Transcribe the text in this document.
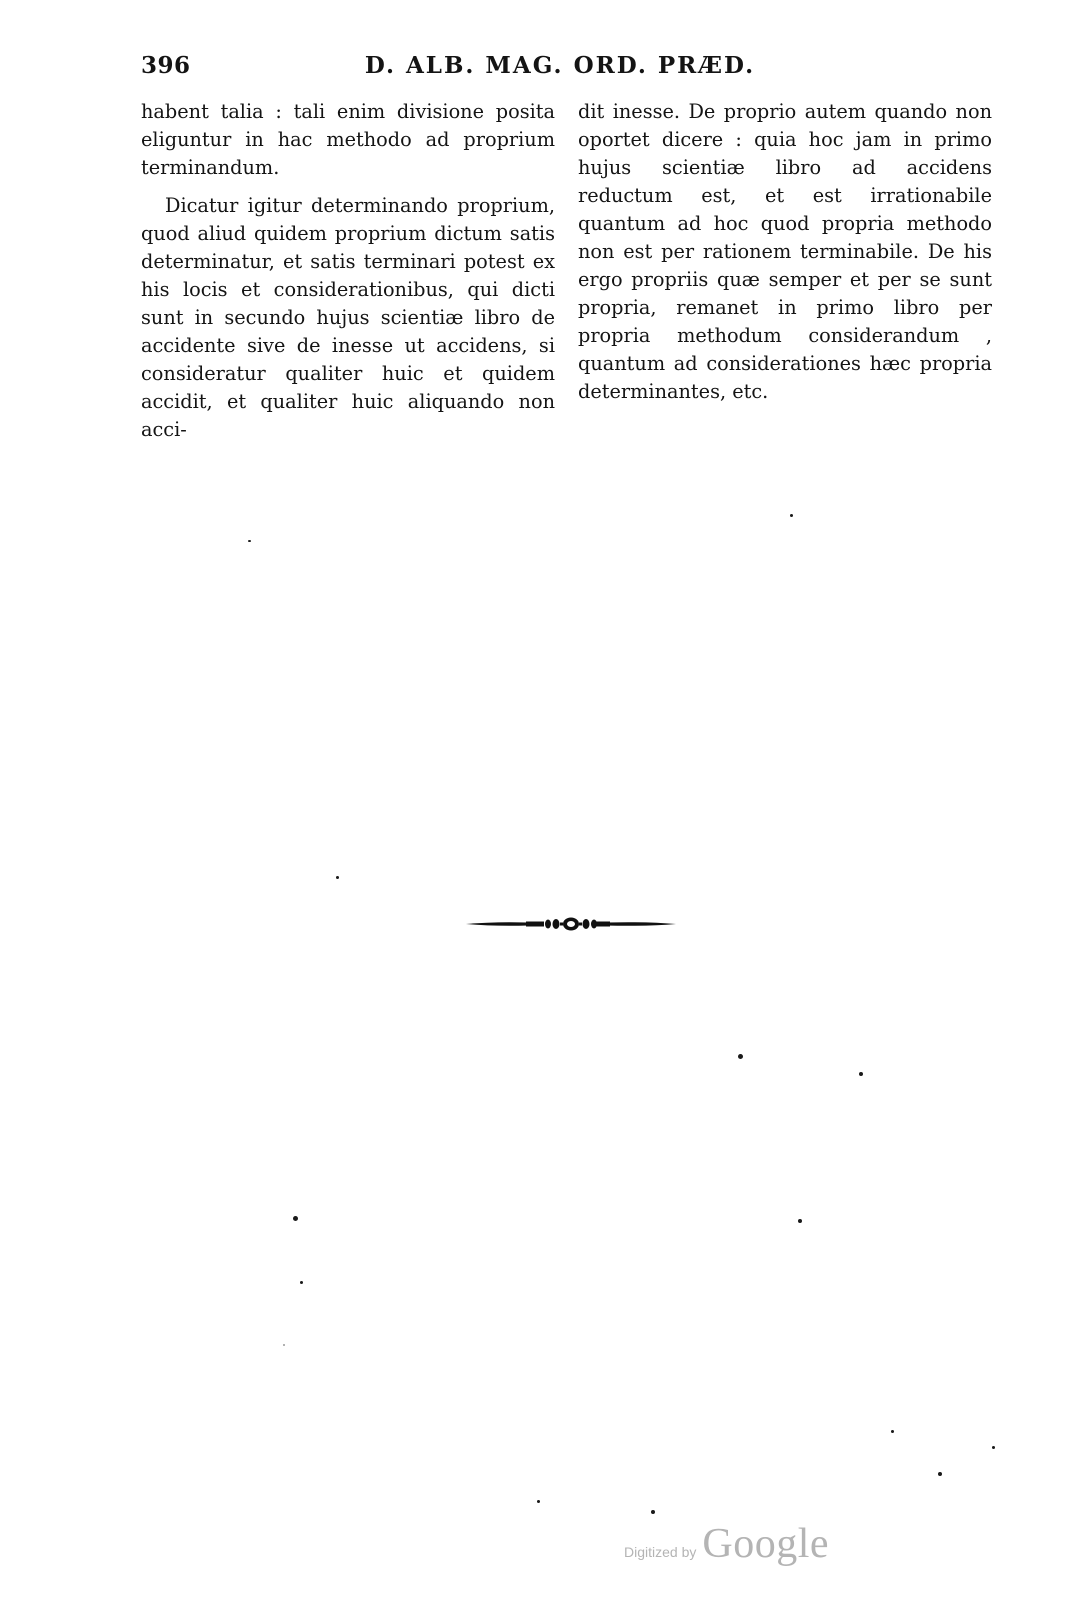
396	D. ALB. MAG. ORD. PRÆD.

habent talia : tali enim divisione posita eliguntur in hac methodo ad proprium terminandum.

Dicatur igitur determinando proprium, quod aliud quidem proprium dictum satis determinatur, et satis terminari potest ex his locis et considerationibus, qui dicti sunt in secundo hujus scientiæ libro de accidente sive de inesse ut accidens, si consideratur qualiter huic et quidem accidit, et qualiter huic aliquando non acci-

dit inesse. De proprio autem quando non oportet dicere : quia hoc jam in primo hujus scientiæ libro ad accidens reductum est, et est irrationabile quantum ad hoc quod propria methodo non est per rationem terminabile. De his ergo propriis quæ semper et per se sunt propria, remanet in primo libro per propria methodum considerandum , quantum ad considerationes hæc propria determinantes, etc.

Digitized by Google
